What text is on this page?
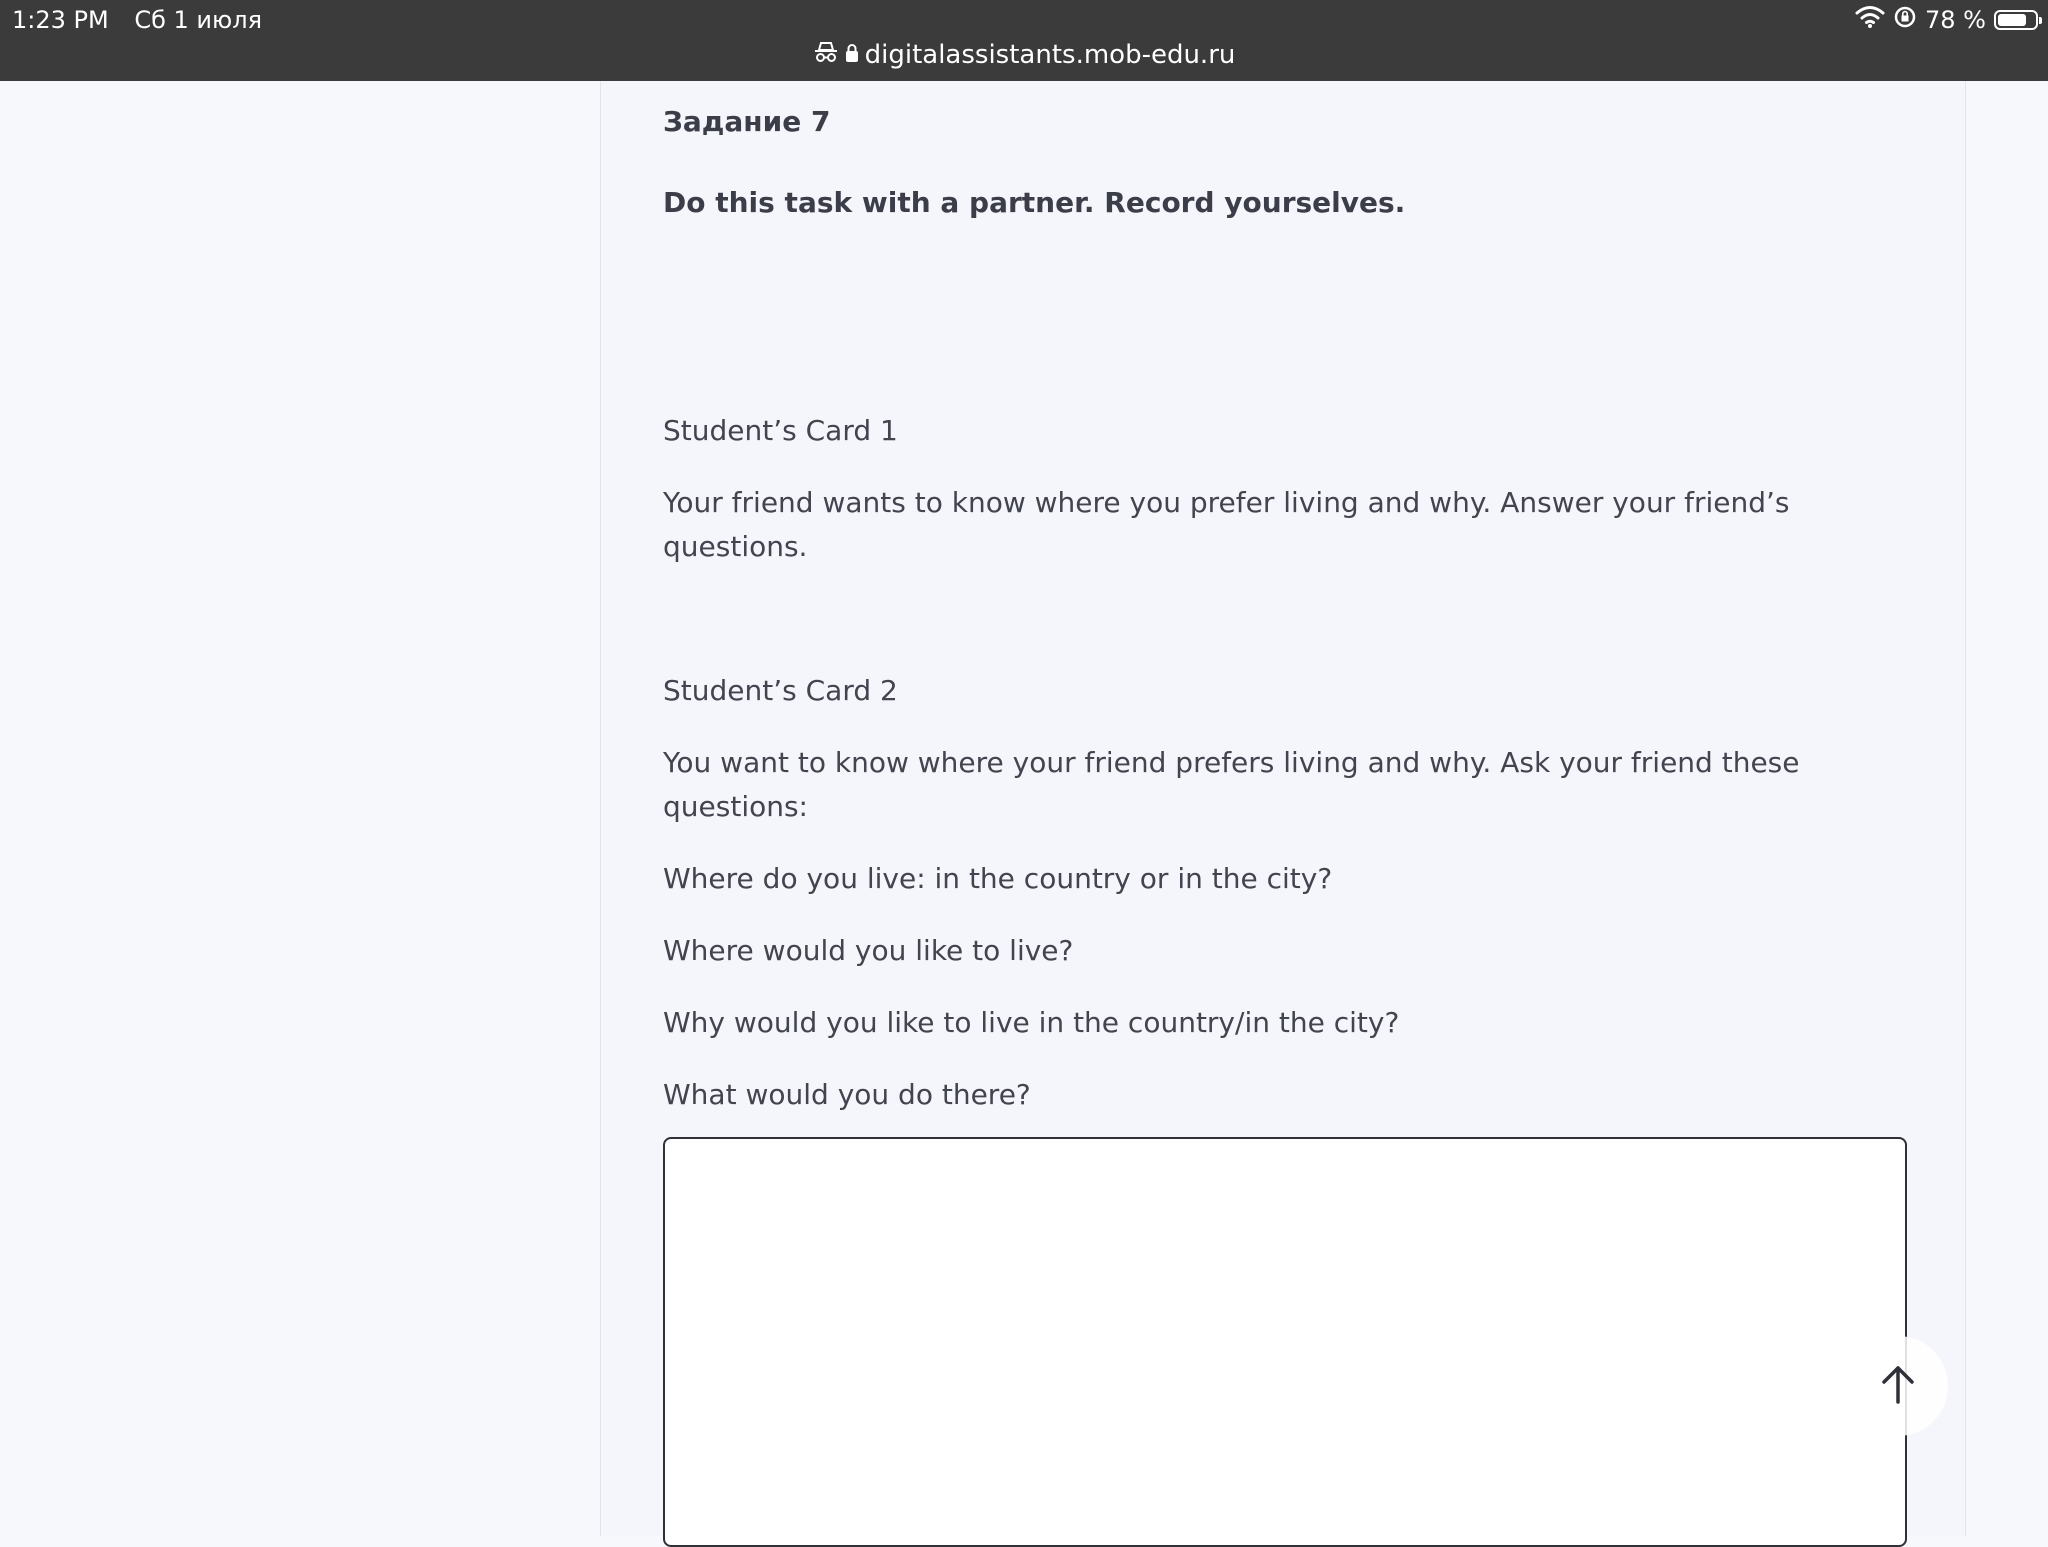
1:23 PM Сб 1 июля	78 %
digitalassistants.mob-edu.ru
Задание 7
Do this task with a partner. Record yourselves.
Student’s Card 1
Your friend wants to know where you prefer living and why. Answer your friend’s questions.
Student’s Card 2
You want to know where your friend prefers living and why. Ask your friend these questions:
Where do you live: in the country or in the city?
Where would you like to live?
Why would you like to live in the country/in the city?
What would you do there?
